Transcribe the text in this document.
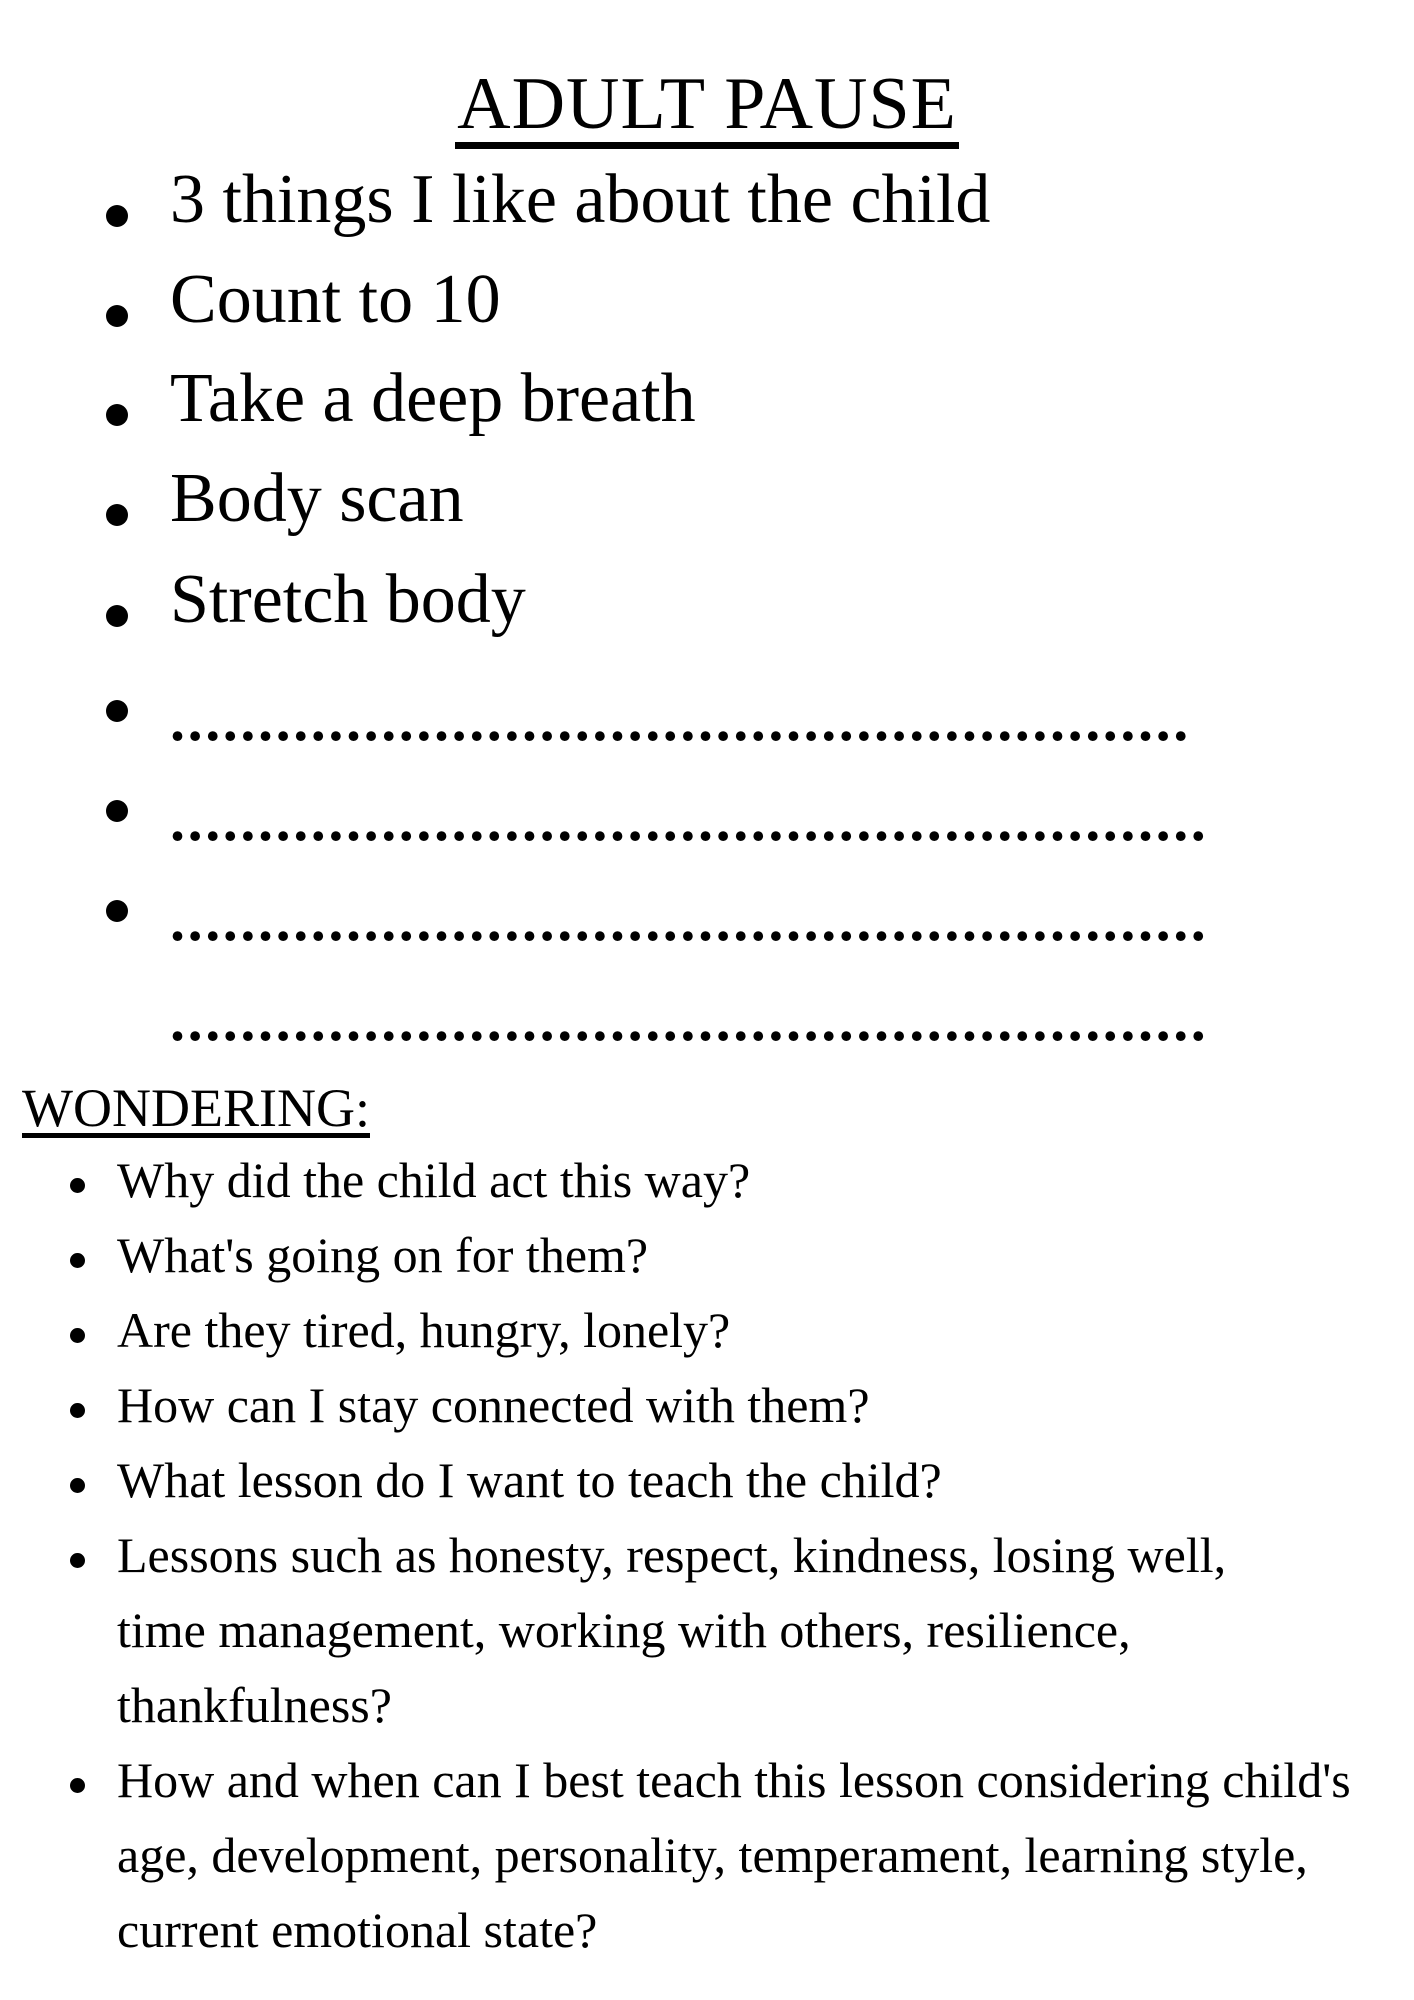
ADULT PAUSE
3 things I like about the child
Count to 10
Take a deep breath
Body scan
Stretch body
..........................................................
...........................................................
...........................................................
...........................................................
WONDERING:
Why did the child act this way?
What's going on for them?
Are they tired, hungry, lonely?
How can I stay connected with them?
What lesson do I want to teach the child?
Lessons such as honesty, respect, kindness, losing well, time management, working with others, resilience, thankfulness?
How and when can I best teach this lesson considering child's age, development, personality, temperament, learning style, current emotional state?
